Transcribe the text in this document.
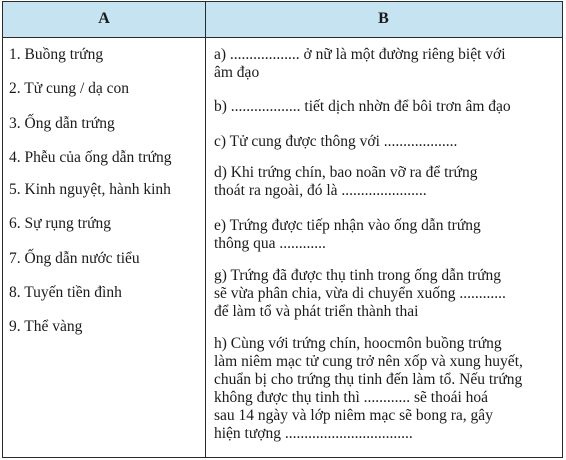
A	B
1. Buồng trứng
2. Tử cung / dạ con
3. Ống dẫn trứng
4. Phễu của ống dẫn trứng
5. Kinh nguyệt, hành kinh
6. Sự rụng trứng
7. Ống dẫn nước tiểu
8. Tuyến tiền đình
9. Thể vàng
a) .................. ở nữ là một đường riêng biệt với
âm đạo
b) .................. tiết dịch nhờn để bôi trơn âm đạo
c) Tử cung được thông với ...................
d) Khi trứng chín, bao noãn vỡ ra để trứng
thoát ra ngoài, đó là ......................
e) Trứng được tiếp nhận vào ống dẫn trứng
thông qua ............
g) Trứng đã được thụ tinh trong ống dẫn trứng
sẽ vừa phân chia, vừa di chuyển xuống ............
để làm tổ và phát triển thành thai
h) Cùng với trứng chín, hoocmôn buồng trứng
làm niêm mạc tử cung trở nên xốp và xung huyết,
chuẩn bị cho trứng thụ tinh đến làm tổ. Nếu trứng
không được thụ tinh thì ............ sẽ thoái hoá
sau 14 ngày và lớp niêm mạc sẽ bong ra, gây
hiện tượng .................................
